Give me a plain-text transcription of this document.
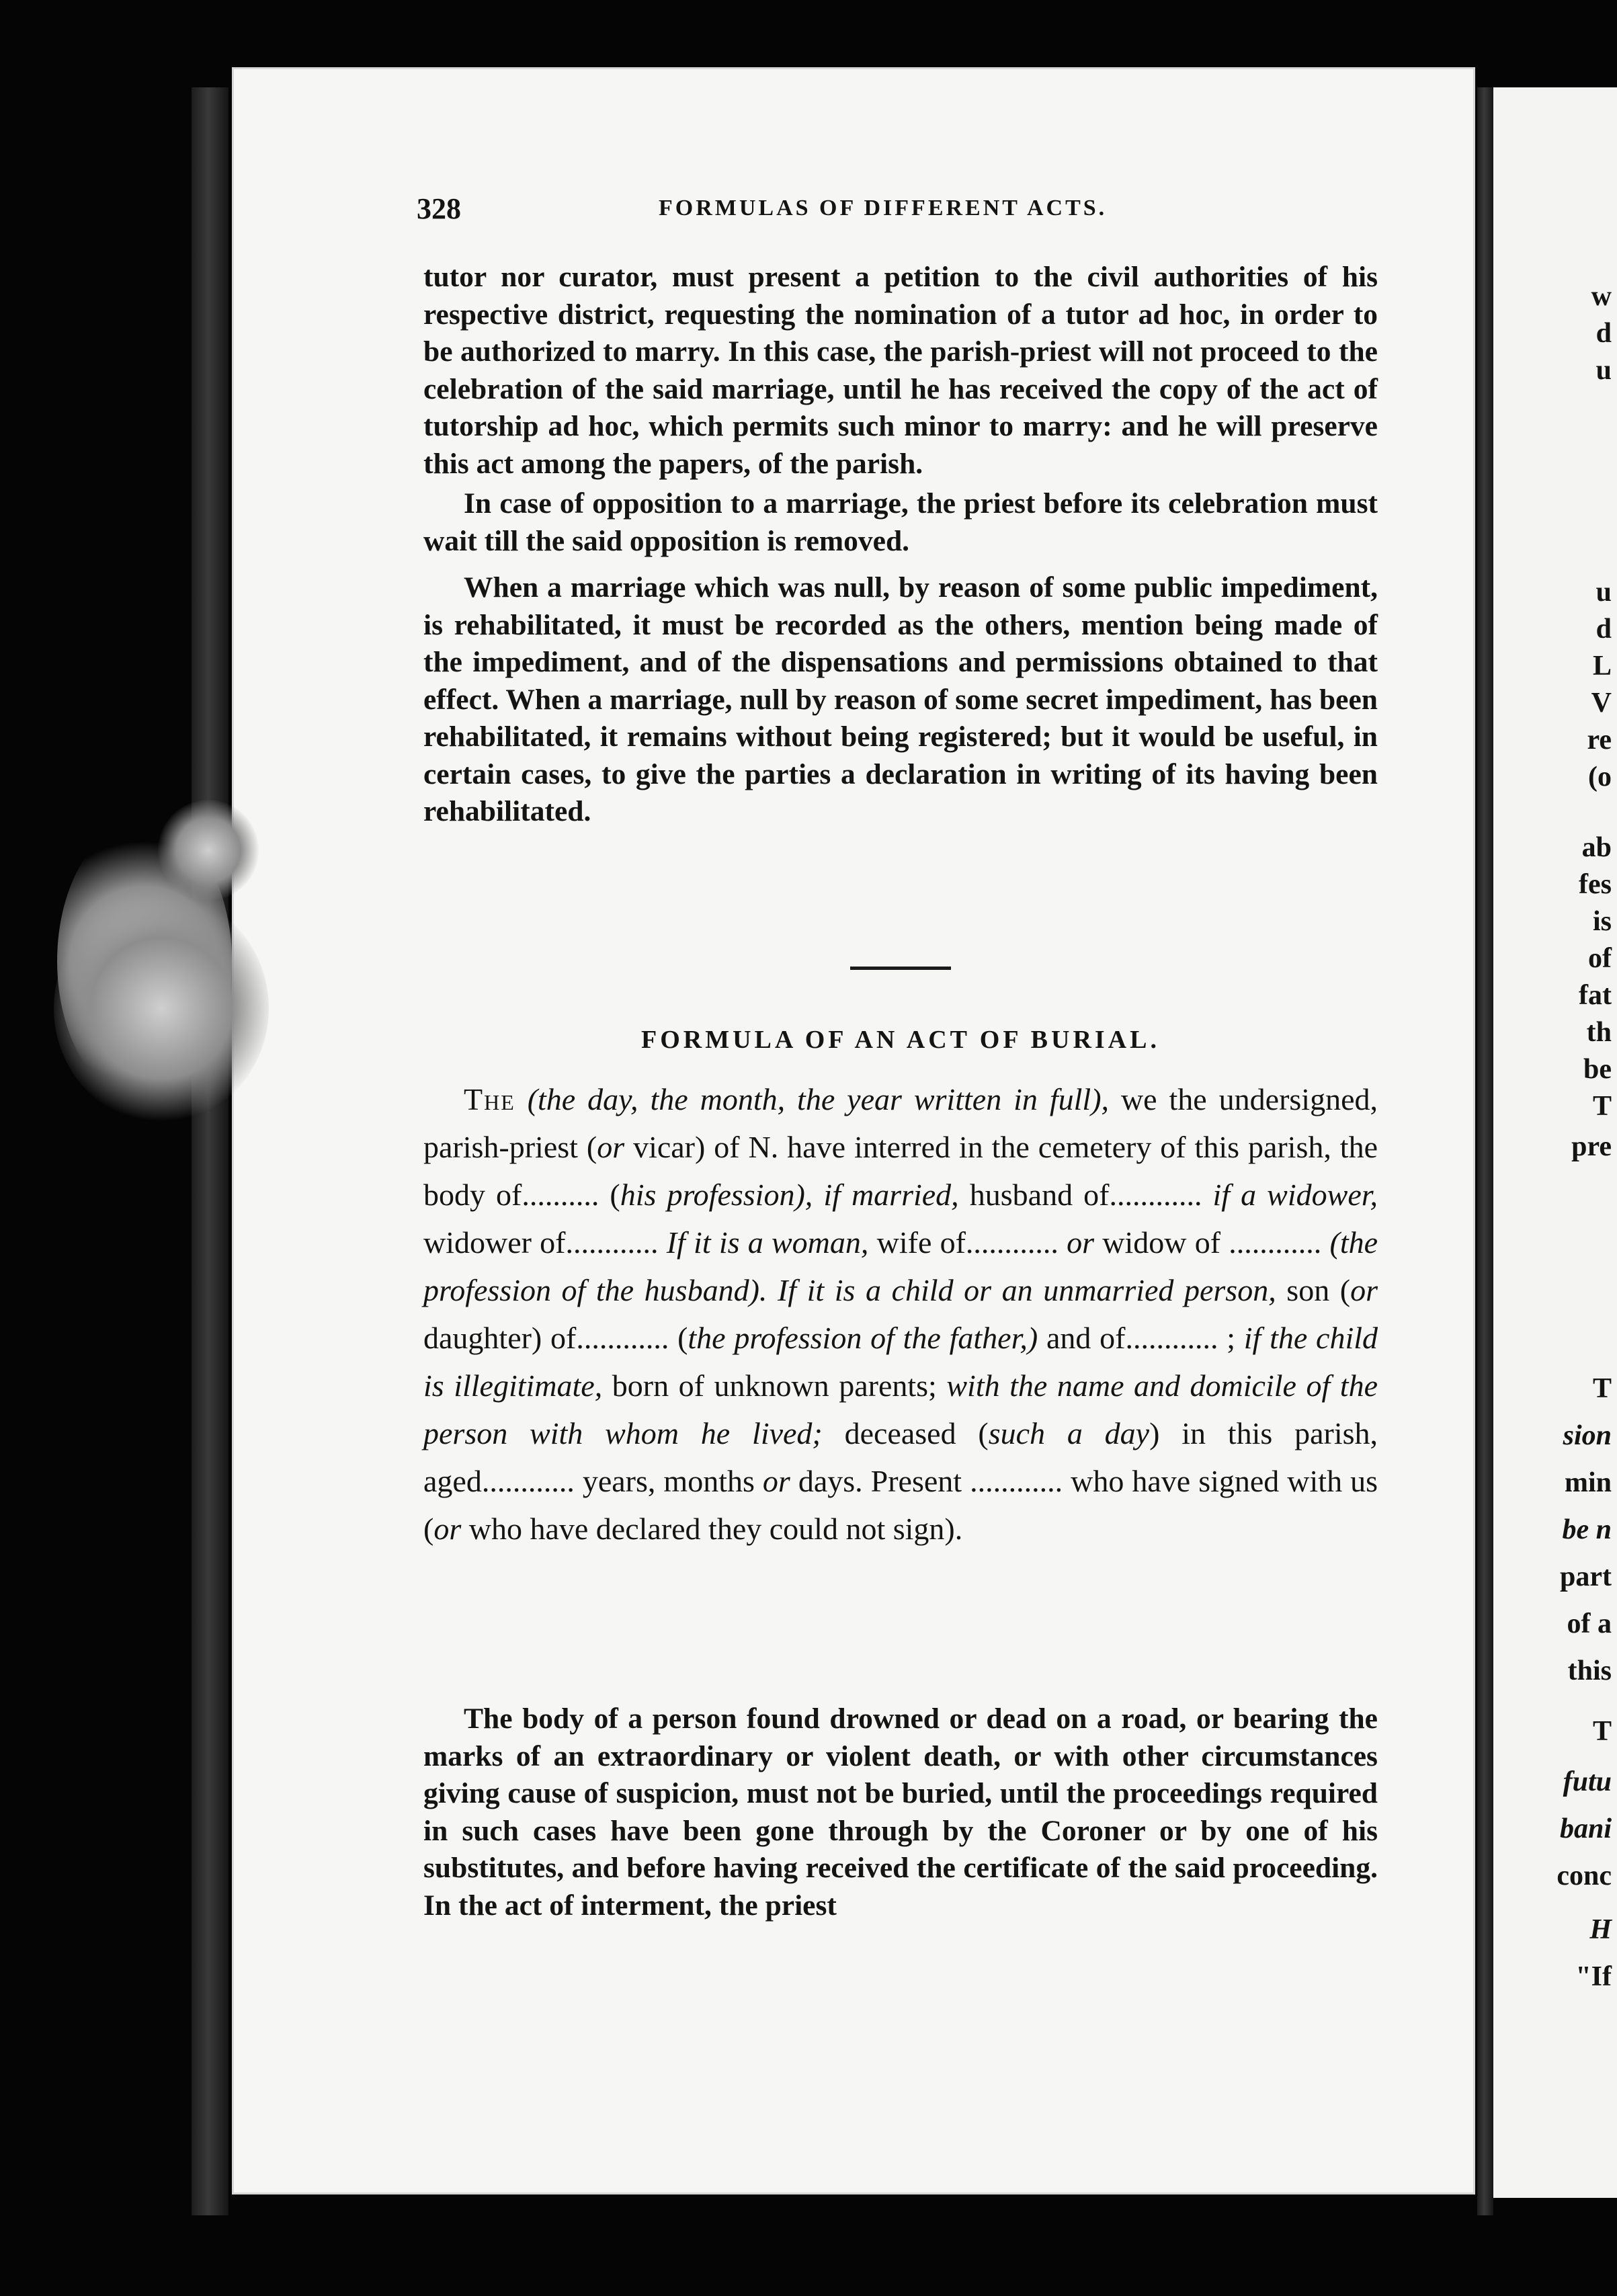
328	FORMULAS OF DIFFERENT ACTS.

tutor nor curator, must present a petition to the civil authorities of his respective district, requesting the nomination of a tutor ad hoc, in order to be authorized to marry. In this case, the parish-priest will not proceed to the celebration of the said marriage, until he has received the copy of the act of tutorship ad hoc, which permits such minor to marry: and he will preserve this act among the papers, of the parish.

In case of opposition to a marriage, the priest before its celebration must wait till the said opposition is removed.

When a marriage which was null, by reason of some public impediment, is rehabilitated, it must be recorded as the others, mention being made of the impediment, and of the dispensations and permissions obtained to that effect. When a marriage, null by reason of some secret impediment, has been rehabilitated, it remains without being registered; but it would be useful, in certain cases, to give the parties a declaration in writing of its having been rehabilitated.

FORMULA OF AN ACT OF BURIAL.

The (the day, the month, the year written in full), we the undersigned, parish-priest (or vicar) of N. have interred in the cemetery of this parish, the body of.......... (his profession), if married, husband of............ if a widower, widower of............ If it is a woman, wife of............ or widow of ............ (the profession of the husband). If it is a child or an unmarried person, son (or daughter) of............ (the profession of the father,) and of............ ; if the child is illegitimate, born of unknown parents; with the name and domicile of the person with whom he lived; deceased (such a day) in this parish, aged............ years, months or days. Present ............ who have signed with us (or who have declared they could not sign).

The body of a person found drowned or dead on a road, or bearing the marks of an extraordinary or violent death, or with other circumstances giving cause of suspicion, must not be buried, until the proceedings required in such cases have been gone through by the Coroner or by one of his substitutes, and before having received the certificate of the said proceeding. In the act of interment, the priest

w
d
u
u
d
L
V
re
(o
ab
fes
is
of
fat
th
be
T
pre
T
sion
min
be n
part
of a
this
T
futu
bani
conc
H
"If
